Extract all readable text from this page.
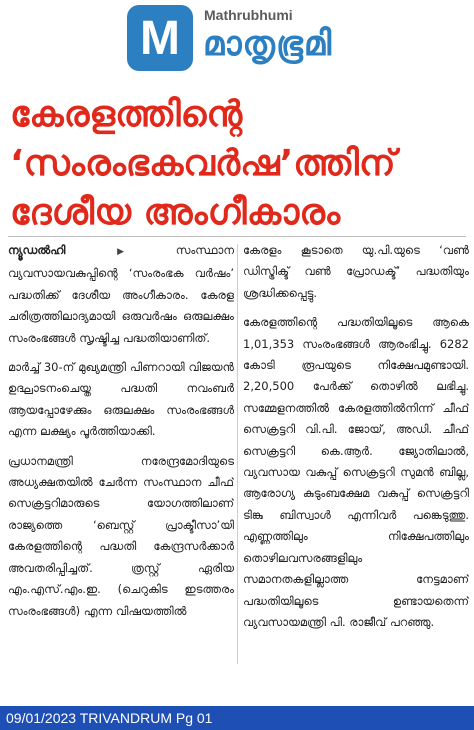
M	Mathrubhumi
മാതൃഭൂമി
കേരളത്തിന്റെ
‘സംരംഭകവർഷ’ത്തിന്
ദേശീയ അംഗീകാരം

ന്യൂഡൽഹി ▶ സംസ്ഥാന വ്യവസായവകുപ്പിന്റെ ‘സംരംഭക വർഷം’ പദ്ധതിക്ക് ദേശീയ അംഗീകാരം. കേരള ചരിത്രത്തിലാദ്യമായി ഒരുവർഷം ഒരുലക്ഷം സംരംഭങ്ങൾ സൃഷ്ടിച്ച പദ്ധതിയാണിത്.

മാർച്ച് 30-ന് മുഖ്യമന്ത്രി പിണറായി വിജയൻ ഉദ്ഘാടനംചെയ്ത പദ്ധതി നവംബർ ആയപ്പോഴേക്കും ഒരുലക്ഷം സംരംഭങ്ങൾ എന്ന ലക്ഷ്യം പൂർത്തിയാക്കി.

പ്രധാനമന്ത്രി നരേന്ദ്രമോദിയുടെ അധ്യക്ഷതയിൽ ചേർന്ന സംസ്ഥാന ചീഫ് സെക്രട്ടറിമാരുടെ യോഗത്തിലാണ് രാജ്യത്തെ ‘ബെസ്റ്റ് പ്രാക്ടീസാ’യി കേരളത്തിന്റെ പദ്ധതി കേന്ദ്രസർക്കാർ അവതരിപ്പിച്ചത്. ത്രസ്റ്റ് ഏരിയ എം.എസ്.എം.ഇ. (ചെറുകിട ഇടത്തരം സംരംഭങ്ങൾ) എന്ന വിഷയത്തിൽ

കേരളം കൂടാതെ യു.പി.യുടെ ‘വൺ ഡിസ്ട്രിക്ട് വൺ പ്രോഡക്ട്’ പദ്ധതിയും ശ്രദ്ധിക്കപ്പെട്ടു.

കേരളത്തിന്റെ പദ്ധതിയിലൂടെ ആകെ 1,01,353 സംരംഭങ്ങൾ ആരംഭിച്ചു. 6282 കോടി രൂപയുടെ നിക്ഷേപമുണ്ടായി. 2,20,500 പേർക്ക് തൊഴിൽ ലഭിച്ചു. സമ്മേളനത്തിൽ കേരളത്തിൽനിന്ന് ചീഫ് സെക്രട്ടറി വി.പി. ജോയ്, അഡി. ചീഫ് സെക്രട്ടറി കെ.ആർ. ജ്യോതിലാൽ, വ്യവസായ വകുപ്പ് സെക്രട്ടറി സുമൻ ബില്ല, ആരോഗ്യ കുടുംബക്ഷേമ വകുപ്പ് സെക്രട്ടറി ടിങ്കു ബിസ്വാൾ എന്നിവർ പങ്കെടുത്തു. എണ്ണത്തിലും നിക്ഷേപത്തിലും തൊഴിലവസരങ്ങളിലും സമാനതകളില്ലാത്ത നേട്ടമാണ് പദ്ധതിയിലൂടെ ഉണ്ടായതെന്ന് വ്യവസായമന്ത്രി പി. രാജീവ് പറഞ്ഞു.

09/01/2023 TRIVANDRUM Pg 01
